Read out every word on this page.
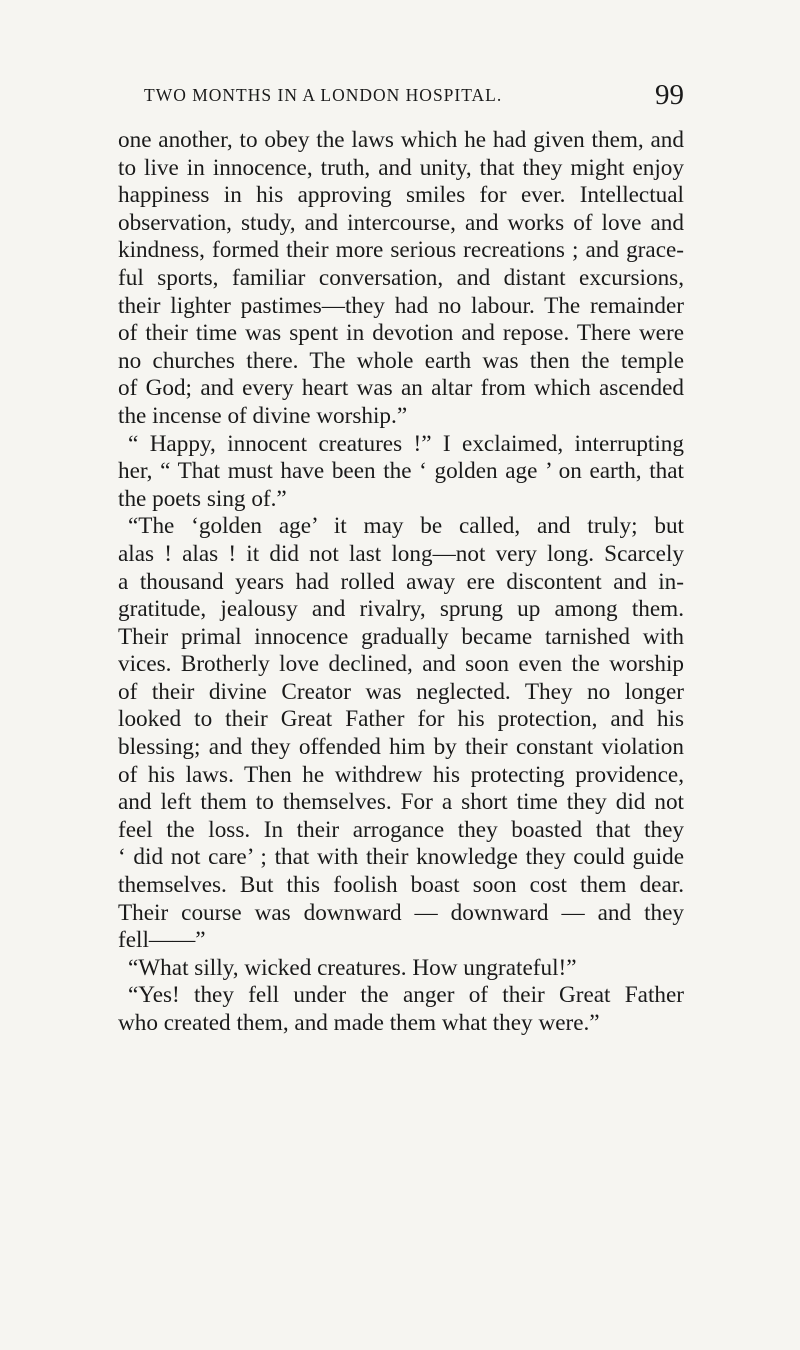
TWO MONTHS IN A LONDON HOSPITAL.	99
one another, to obey the laws which he had given them, and
to live in innocence, truth, and unity, that they might enjoy
happiness in his approving smiles for ever. Intellectual
observation, study, and intercourse, and works of love and
kindness, formed their more serious recreations ; and grace-
ful sports, familiar conversation, and distant excursions,
their lighter pastimes—they had no labour. The remainder
of their time was spent in devotion and repose. There were
no churches there. The whole earth was then the temple
of God; and every heart was an altar from which ascended
the incense of divine worship.”
“ Happy, innocent creatures !” I exclaimed, interrupting
her, “ That must have been the ‘ golden age ’ on earth, that
the poets sing of.”
“The ‘golden age’ it may be called, and truly; but
alas ! alas ! it did not last long—not very long. Scarcely
a thousand years had rolled away ere discontent and in-
gratitude, jealousy and rivalry, sprung up among them.
Their primal innocence gradually became tarnished with
vices. Brotherly love declined, and soon even the worship
of their divine Creator was neglected. They no longer
looked to their Great Father for his protection, and his
blessing; and they offended him by their constant violation
of his laws. Then he withdrew his protecting providence,
and left them to themselves. For a short time they did not
feel the loss. In their arrogance they boasted that they
‘ did not care’ ; that with their knowledge they could guide
themselves. But this foolish boast soon cost them dear.
Their course was downward — downward — and they
fell——”
“What silly, wicked creatures. How ungrateful!”
“Yes! they fell under the anger of their Great Father
who created them, and made them what they were.”
